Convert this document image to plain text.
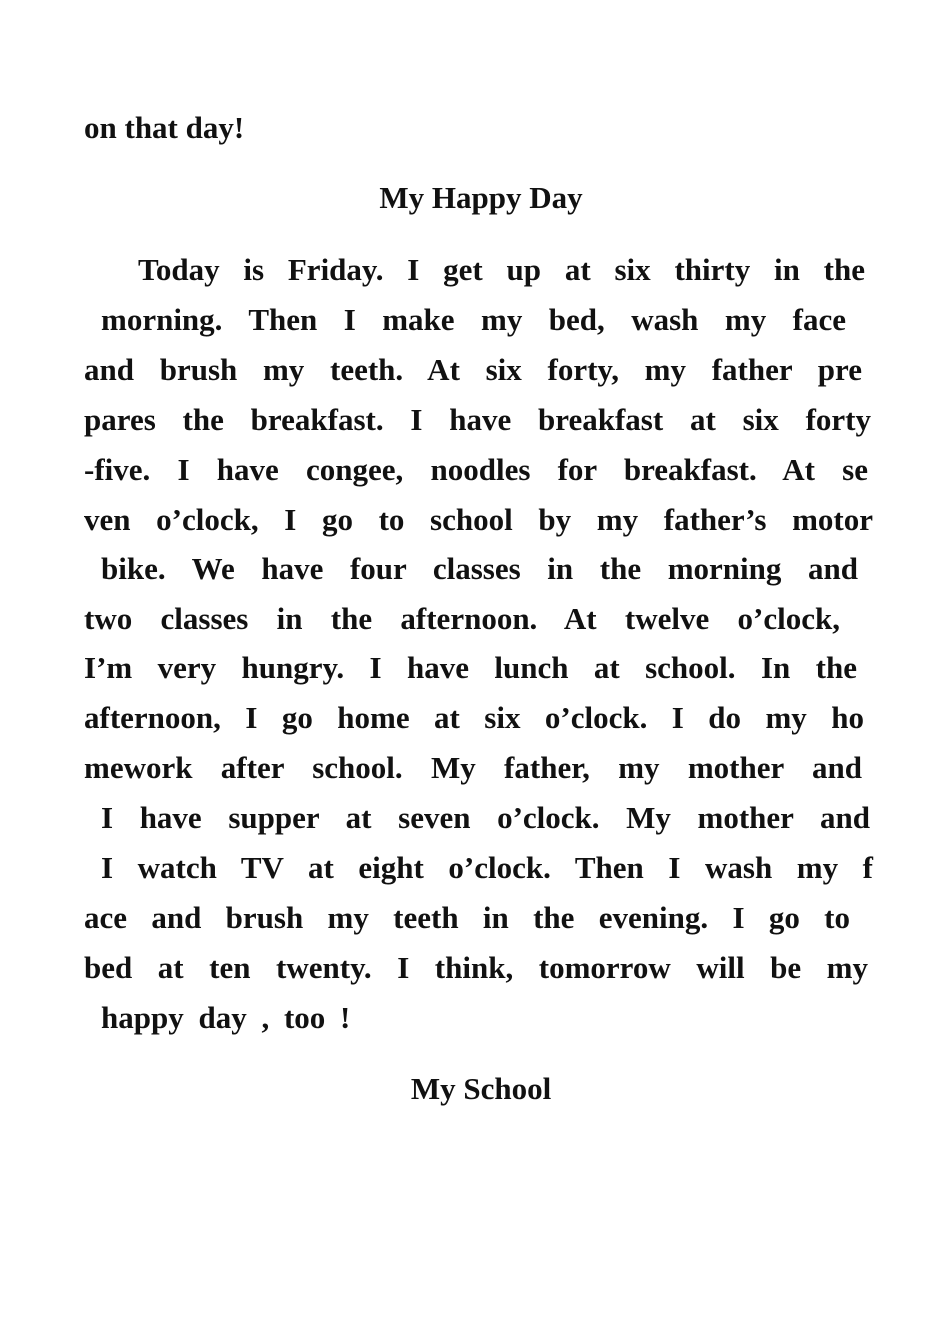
on that day!
My Happy Day
Today is Friday. I get up at six thirty in the
morning. Then I make my bed, wash my face
and brush my teeth. At six forty, my father pre
pares the breakfast. I have breakfast at six forty
-five. I have congee, noodles for breakfast. At se
ven o’clock, I go to school by my father’s motor
bike. We have four classes in the morning and
two classes in the afternoon. At twelve o’clock,
I’m very hungry. I have lunch at school. In the
afternoon, I go home at six o’clock. I do my ho
mework after school. My father, my mother and
I have supper at seven o’clock. My mother and
I watch TV at eight o’clock. Then I wash my f
ace and brush my teeth in the evening. I go to
bed at ten twenty. I think, tomorrow will be my
happy day , too !
My School
